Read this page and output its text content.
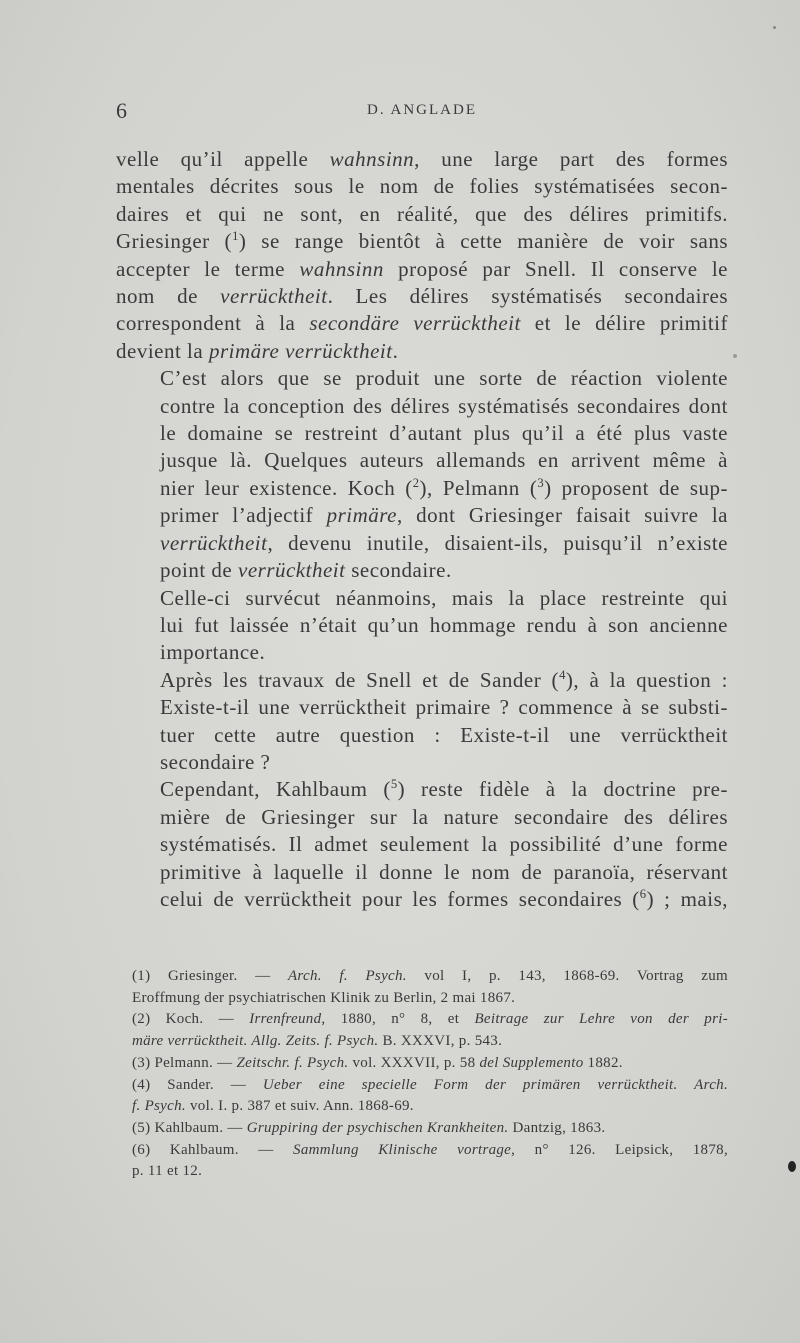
6	D. ANGLADE

velle qu’il appelle wahnsinn, une large part des formes
mentales décrites sous le nom de folies systématisées secon-
daires et qui ne sont, en réalité, que des délires primitifs.
Griesinger ($^1$) se range bientôt à cette manière de voir sans
accepter le terme wahnsinn proposé par Snell. Il conserve le
nom de verrücktheit. Les délires systématisés secondaires
correspondent à la secondäre verrücktheit et le délire primitif
devient la primäre verrücktheit.

C’est alors que se produit une sorte de réaction violente
contre la conception des délires systématisés secondaires dont
le domaine se restreint d’autant plus qu’il a été plus vaste
jusque là. Quelques auteurs allemands en arrivent même à
nier leur existence. Koch ($^2$), Pelmann ($^3$) proposent de sup-
primer l’adjectif primäre, dont Griesinger faisait suivre la
verrücktheit, devenu inutile, disaient-ils, puisqu’il n’existe
point de verrücktheit secondaire.

Celle-ci survécut néanmoins, mais la place restreinte qui
lui fut laissée n’était qu’un hommage rendu à son ancienne
importance.

Après les travaux de Snell et de Sander ($^4$), à la question :
Existe-t-il une verrücktheit primaire ? commence à se substi-
tuer cette autre question : Existe-t-il une verrücktheit
secondaire ?

Cependant, Kahlbaum ($^5$) reste fidèle à la doctrine pre-
mière de Griesinger sur la nature secondaire des délires
systématisés. Il admet seulement la possibilité d’une forme
primitive à laquelle il donne le nom de paranoïa, réservant
celui de verrücktheit pour les formes secondaires ($^6$) ; mais,

(1) Griesinger. — Arch. f. Psych. vol I, p. 143, 1868-69. Vortrag zum
Eroffmung der psychiatrischen Klinik zu Berlin, 2 mai 1867.

(2) Koch. — Irrenfreund, 1880, n° 8, et Beitrage zur Lehre von der pri-
märe verrücktheit. Allg. Zeits. f. Psych. B. XXXVI, p. 543.

(3) Pelmann. — Zeitschr. f. Psych. vol. XXXVII, p. 58 del Supplemento 1882.

(4) Sander. — Ueber eine specielle Form der primären verrücktheit. Arch.
f. Psych. vol. I. p. 387 et suiv. Ann. 1868-69.

(5) Kahlbaum. — Gruppiring der psychischen Krankheiten. Dantzig, 1863.

(6) Kahlbaum. — Sammlung Klinische vortrage, n° 126. Leipsick, 1878,
p. 11 et 12.
